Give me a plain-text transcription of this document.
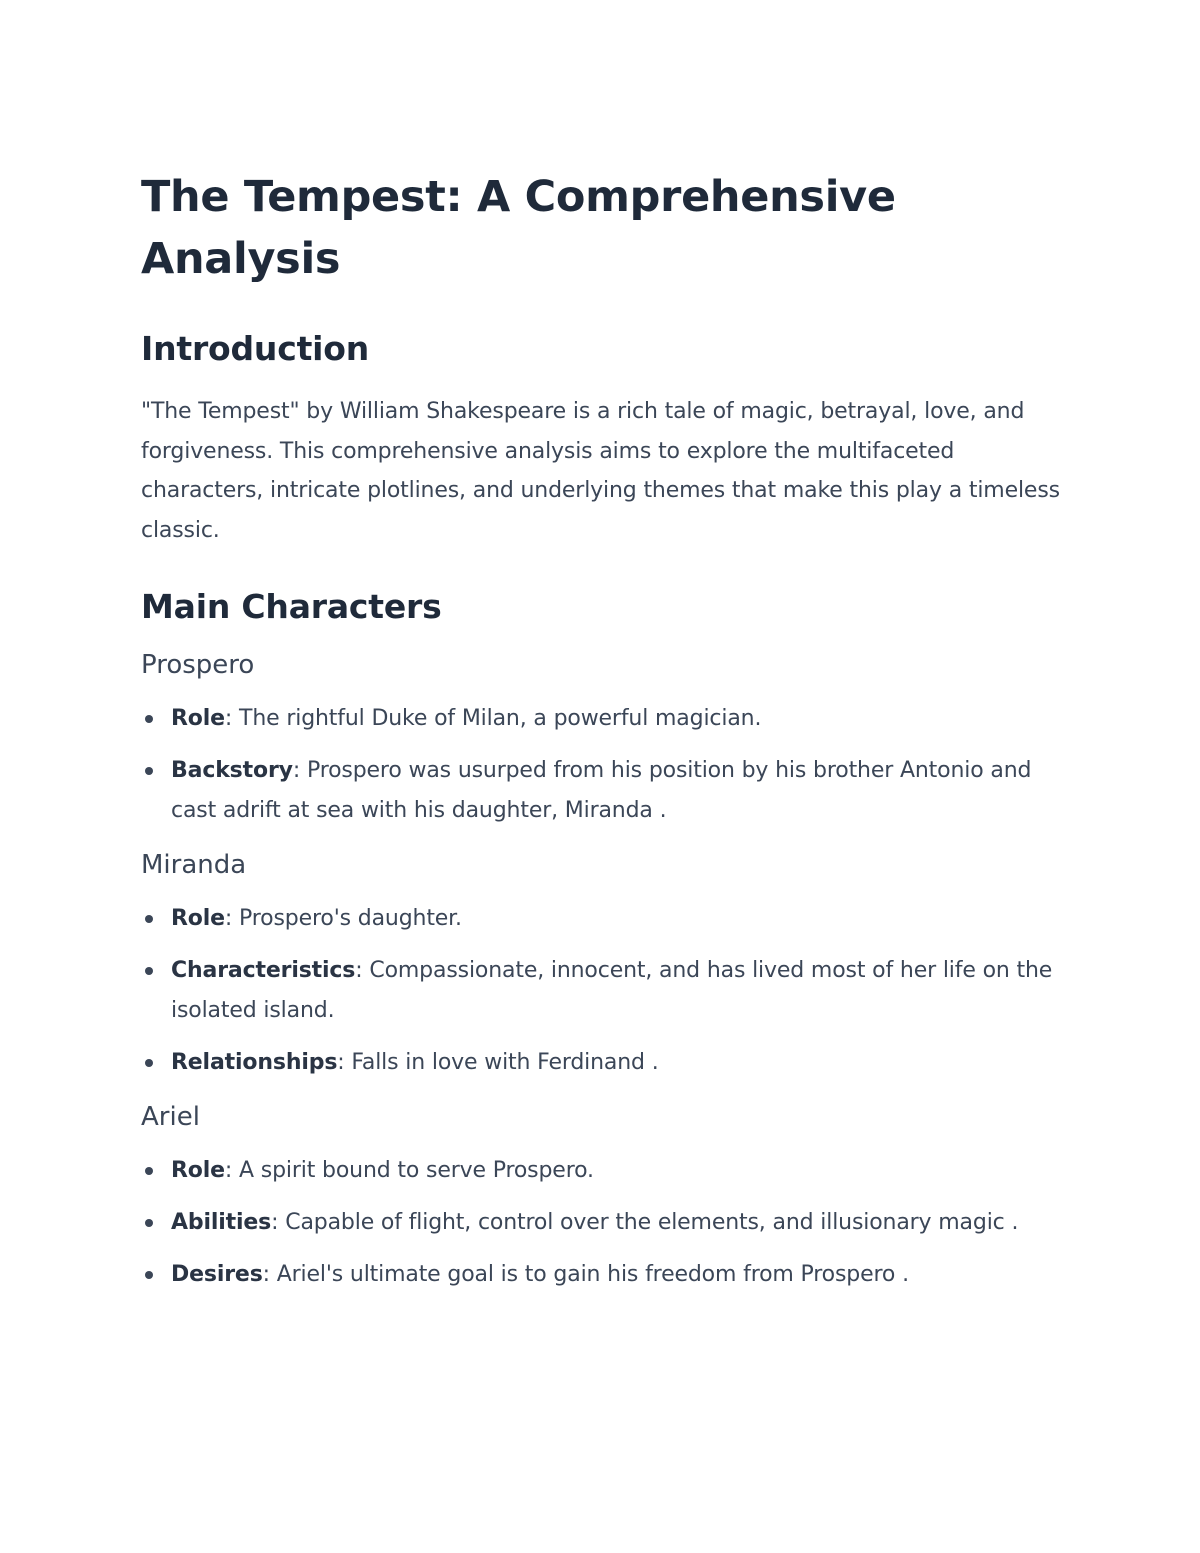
The Tempest: A Comprehensive Analysis
Introduction

"The Tempest" by William Shakespeare is a rich tale of magic, betrayal, love, and forgiveness. This comprehensive analysis aims to explore the multifaceted characters, intricate plotlines, and underlying themes that make this play a timeless classic.

Main Characters
Prospero
Role: The rightful Duke of Milan, a powerful magician.
Backstory: Prospero was usurped from his position by his brother Antonio and cast adrift at sea with his daughter, Miranda .
Miranda
Role: Prospero's daughter.
Characteristics: Compassionate, innocent, and has lived most of her life on the isolated island.
Relationships: Falls in love with Ferdinand .
Ariel
Role: A spirit bound to serve Prospero.
Abilities: Capable of flight, control over the elements, and illusionary magic .
Desires: Ariel's ultimate goal is to gain his freedom from Prospero .
